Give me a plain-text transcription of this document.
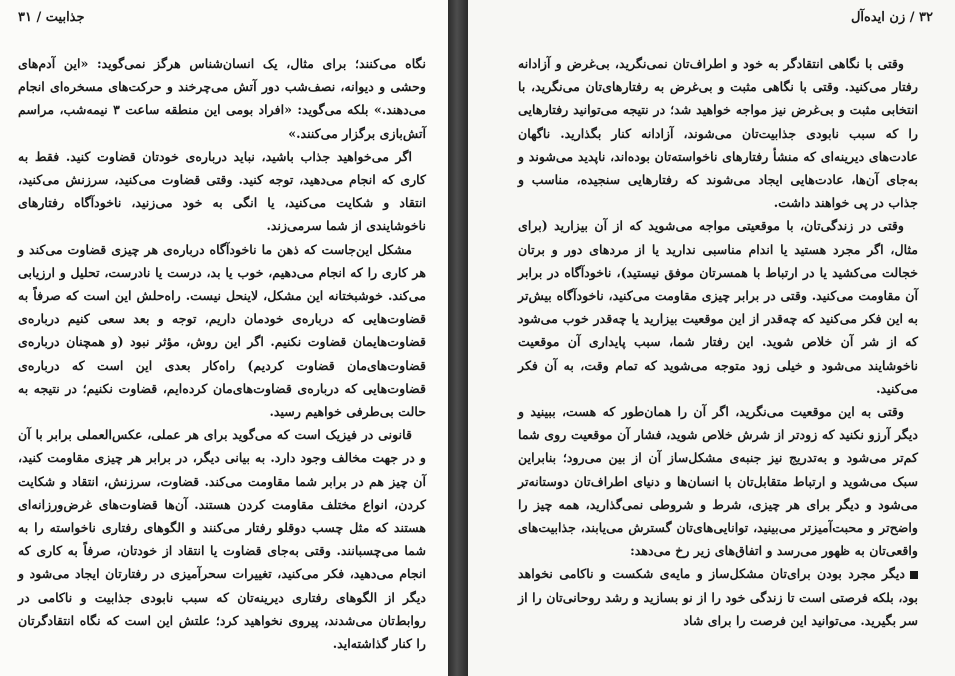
جذابیت / ۳۱

نگاه می‌کنند؛ برای مثال، یک انسان‌شناس هرگز نمی‌گوید: «این آدم‌های وحشی و دیوانه، نصف‌شب دور آتش می‌چرخند و حرکت‌های مسخره‌ای انجام می‌دهند.» بلکه می‌گوید: «افراد بومی این منطقه ساعت ۳ نیمه‌شب، مراسم آتش‌بازی برگزار می‌کنند.»

اگر می‌خواهید جذاب باشید، نباید درباره‌ی خودتان قضاوت کنید. فقط به کاری که انجام می‌دهید، توجه کنید. وقتی قضاوت می‌کنید، سرزنش می‌کنید، انتقاد و شکایت می‌کنید، یا انگی به خود می‌زنید، ناخودآگاه رفتارهای ناخوشایندی از شما سرمی‌زند.

مشکل این‌جاست که ذهن ما ناخودآگاه درباره‌ی هر چیزی قضاوت می‌کند و هر کاری را که انجام می‌دهیم، خوب یا بد، درست یا نادرست، تحلیل و ارزیابی می‌کند. خوشبختانه این مشکل، لاینحل نیست. راه‌حلش این است که صرفاً به قضاوت‌هایی که درباره‌ی خودمان داریم، توجه و بعد سعی کنیم درباره‌ی قضاوت‌هایمان قضاوت نکنیم. اگر این روش، مؤثر نبود (و همچنان درباره‌ی قضاوت‌های‌مان قضاوت کردیم) راه‌کار بعدی این است که درباره‌ی قضاوت‌هایی که درباره‌ی قضاوت‌های‌مان کرده‌ایم، قضاوت نکنیم؛ در نتیجه به حالت بی‌طرفی خواهیم رسید.

قانونی در فیزیک است که می‌گوید برای هر عملی، عکس‌العملی برابر با آن و در جهت مخالف وجود دارد. به بیانی دیگر، در برابر هر چیزی مقاومت کنید، آن چیز هم در برابر شما مقاومت می‌کند. قضاوت، سرزنش، انتقاد و شکایت کردن، انواع مختلف مقاومت کردن هستند. آن‌ها قضاوت‌های غرض‌ورزانه‌ای هستند که مثل چسب دوقلو رفتار می‌کنند و الگوهای رفتاری ناخواسته را به شما می‌چسبانند. وقتی به‌جای قضاوت یا انتقاد از خودتان، صرفاً به کاری که انجام می‌دهید، فکر می‌کنید، تغییرات سحرآمیزی در رفتارتان ایجاد می‌شود و دیگر از الگوهای رفتاری دیرینه‌تان که سبب نابودی جذابیت و ناکامی در روابط‌تان می‌شدند، پیروی نخواهید کرد؛ علتش این است که نگاه انتقادگرتان را کنار گذاشته‌اید.

۳۲ / زن ایده‌آل

وقتی با نگاهی انتقادگر به خود و اطراف‌تان نمی‌نگرید، بی‌غرض و آزادانه رفتار می‌کنید. وقتی با نگاهی مثبت و بی‌غرض به رفتارهای‌تان می‌نگرید، با انتخابی مثبت و بی‌غرض نیز مواجه خواهید شد؛ در نتیجه می‌توانید رفتارهایی را که سبب نابودی جذابیت‌تان می‌شوند، آزادانه کنار بگذارید. ناگهان عادت‌های دیرینه‌ای که منشأ رفتارهای ناخواسته‌تان بوده‌اند، ناپدید می‌شوند و به‌جای آن‌ها، عادت‌هایی ایجاد می‌شوند که رفتارهایی سنجیده، مناسب و جذاب در پی خواهند داشت.

وقتی در زندگی‌تان، با موقعیتی مواجه می‌شوید که از آن بیزارید (برای مثال، اگر مجرد هستید یا اندام مناسبی ندارید یا از مردهای دور و برتان خجالت می‌کشید یا در ارتباط با همسرتان موفق نیستید)، ناخودآگاه در برابر آن مقاومت می‌کنید. وقتی در برابر چیزی مقاومت می‌کنید، ناخودآگاه بیش‌تر به این فکر می‌کنید که چه‌قدر از این موقعیت بیزارید یا چه‌قدر خوب می‌شود که از شر آن خلاص شوید. این رفتار شما، سبب پایداری آن موقعیت ناخوشایند می‌شود و خیلی زود متوجه می‌شوید که تمام وقت، به آن فکر می‌کنید.

وقتی به این موقعیت می‌نگرید، اگر آن را همان‌طور که هست، ببینید و دیگر آرزو نکنید که زودتر از شرش خلاص شوید، فشار آن موقعیت روی شما کم‌تر می‌شود و به‌تدریج نیز جنبه‌ی مشکل‌ساز آن از بین می‌رود؛ بنابراین سبک می‌شوید و ارتباط متقابل‌تان با انسان‌ها و دنیای اطراف‌تان دوستانه‌تر می‌شود و دیگر برای هر چیزی، شرط و شروطی نمی‌گذارید، همه چیز را واضح‌تر و محبت‌آمیزتر می‌بینید، توانایی‌های‌تان گسترش می‌یابند، جذابیت‌های واقعی‌تان به ظهور می‌رسد و اتفاق‌های زیر رخ می‌دهد:

دیگر مجرد بودن برای‌تان مشکل‌ساز و مایه‌ی شکست و ناکامی نخواهد بود، بلکه فرصتی است تا زندگی خود را از نو بسازید و رشد روحانی‌تان را از سر بگیرید. می‌توانید این فرصت را برای شاد
